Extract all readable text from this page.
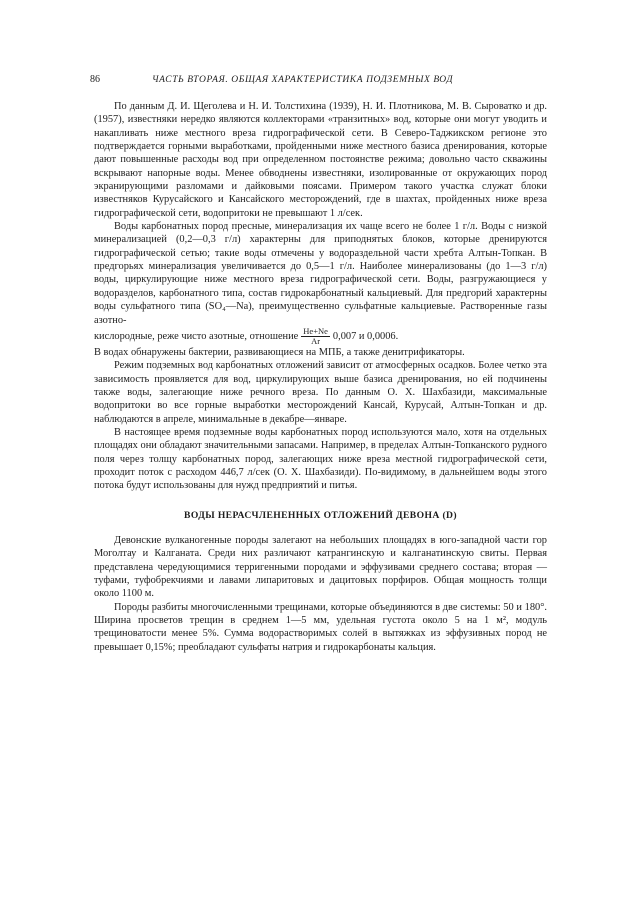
86	ЧАСТЬ ВТОРАЯ. ОБЩАЯ ХАРАКТЕРИСТИКА ПОДЗЕМНЫХ ВОД

По данным Д. И. Щеголева и Н. И. Толстихина (1939), Н. И. Плотникова, М. В. Сыроватко и др. (1957), известняки нередко являются коллекторами «транзитных» вод, которые они могут уводить и накапливать ниже местного вреза гидрографической сети. В Северо-Таджикском регионе это подтверждается горными выработками, пройденными ниже местного базиса дренирования, которые дают повышенные расходы вод при определенном постоянстве режима; довольно часто скважины вскрывают напорные воды. Менее обводнены известняки, изолированные от окружающих пород экранирующими разломами и дайковыми поясами. Примером такого участка служат блоки известняков Курусайского и Кансайского месторождений, где в шахтах, пройденных ниже вреза гидрографической сети, водопритоки не превышают 1 л/сек.

Воды карбонатных пород пресные, минерализация их чаще всего не более 1 г/л. Воды с низкой минерализацией (0,2—0,3 г/л) характерны для приподнятых блоков, которые дренируются гидрографической сетью; такие воды отмечены у водораздельной части хребта Алтын-Топкан. В предгорьях минерализация увеличивается до 0,5—1 г/л. Наиболее минерализованы (до 1—3 г/л) воды, циркулирующие ниже местного вреза гидрографической сети. Воды, разгружающиеся у водоразделов, карбонатного типа, состав гидрокарбонатный кальциевый. Для предгорий характерны воды сульфатного типа (SO₄—Na), преимущественно сульфатные кальциевые. Растворенные газы азотно-

кислородные, реже чисто азотные, отношение $\frac{He+Ne}{Ar} 0,007$ и 0,0006.

В водах обнаружены бактерии, развивающиеся на МПБ, а также денитрификаторы.

Режим подземных вод карбонатных отложений зависит от атмосферных осадков. Более четко эта зависимость проявляется для вод, циркулирующих выше базиса дренирования, но ей подчинены также воды, залегающие ниже речного вреза. По данным О. Х. Шахбазиди, максимальные водопритоки во все горные выработки месторождений Кансай, Курусай, Алтын-Топкан и др. наблюдаются в апреле, минимальные в декабре—январе.

В настоящее время подземные воды карбонатных пород используются мало, хотя на отдельных площадях они обладают значительными запасами. Например, в пределах Алтын-Топканского рудного поля через толщу карбонатных пород, залегающих ниже вреза местной гидрографической сети, проходит поток с расходом 446,7 л/сек (О. Х. Шахбазиди). По-видимому, в дальнейшем воды этого потока будут использованы для нужд предприятий и питья.

ВОДЫ НЕРАСЧЛЕНЕННЫХ ОТЛОЖЕНИЙ ДЕВОНА (D)

Девонские вулканогенные породы залегают на небольших площадях в юго-западной части гор Моголтау и Калганата. Среди них различают катрангинскую и калганатинскую свиты. Первая представлена чередующимися терригенными породами и эффузивами среднего состава; вторая — туфами, туфобрекчиями и лавами липаритовых и дацитовых порфиров. Общая мощность толщи около 1100 м.

Породы разбиты многочисленными трещинами, которые объединяются в две системы: 50 и 180°. Ширина просветов трещин в среднем 1—5 мм, удельная густота около 5 на 1 м², модуль трещиноватости менее 5%. Сумма водорастворимых солей в вытяжках из эффузивных пород не превышает 0,15%; преобладают сульфаты натрия и гидрокарбонаты кальция.
